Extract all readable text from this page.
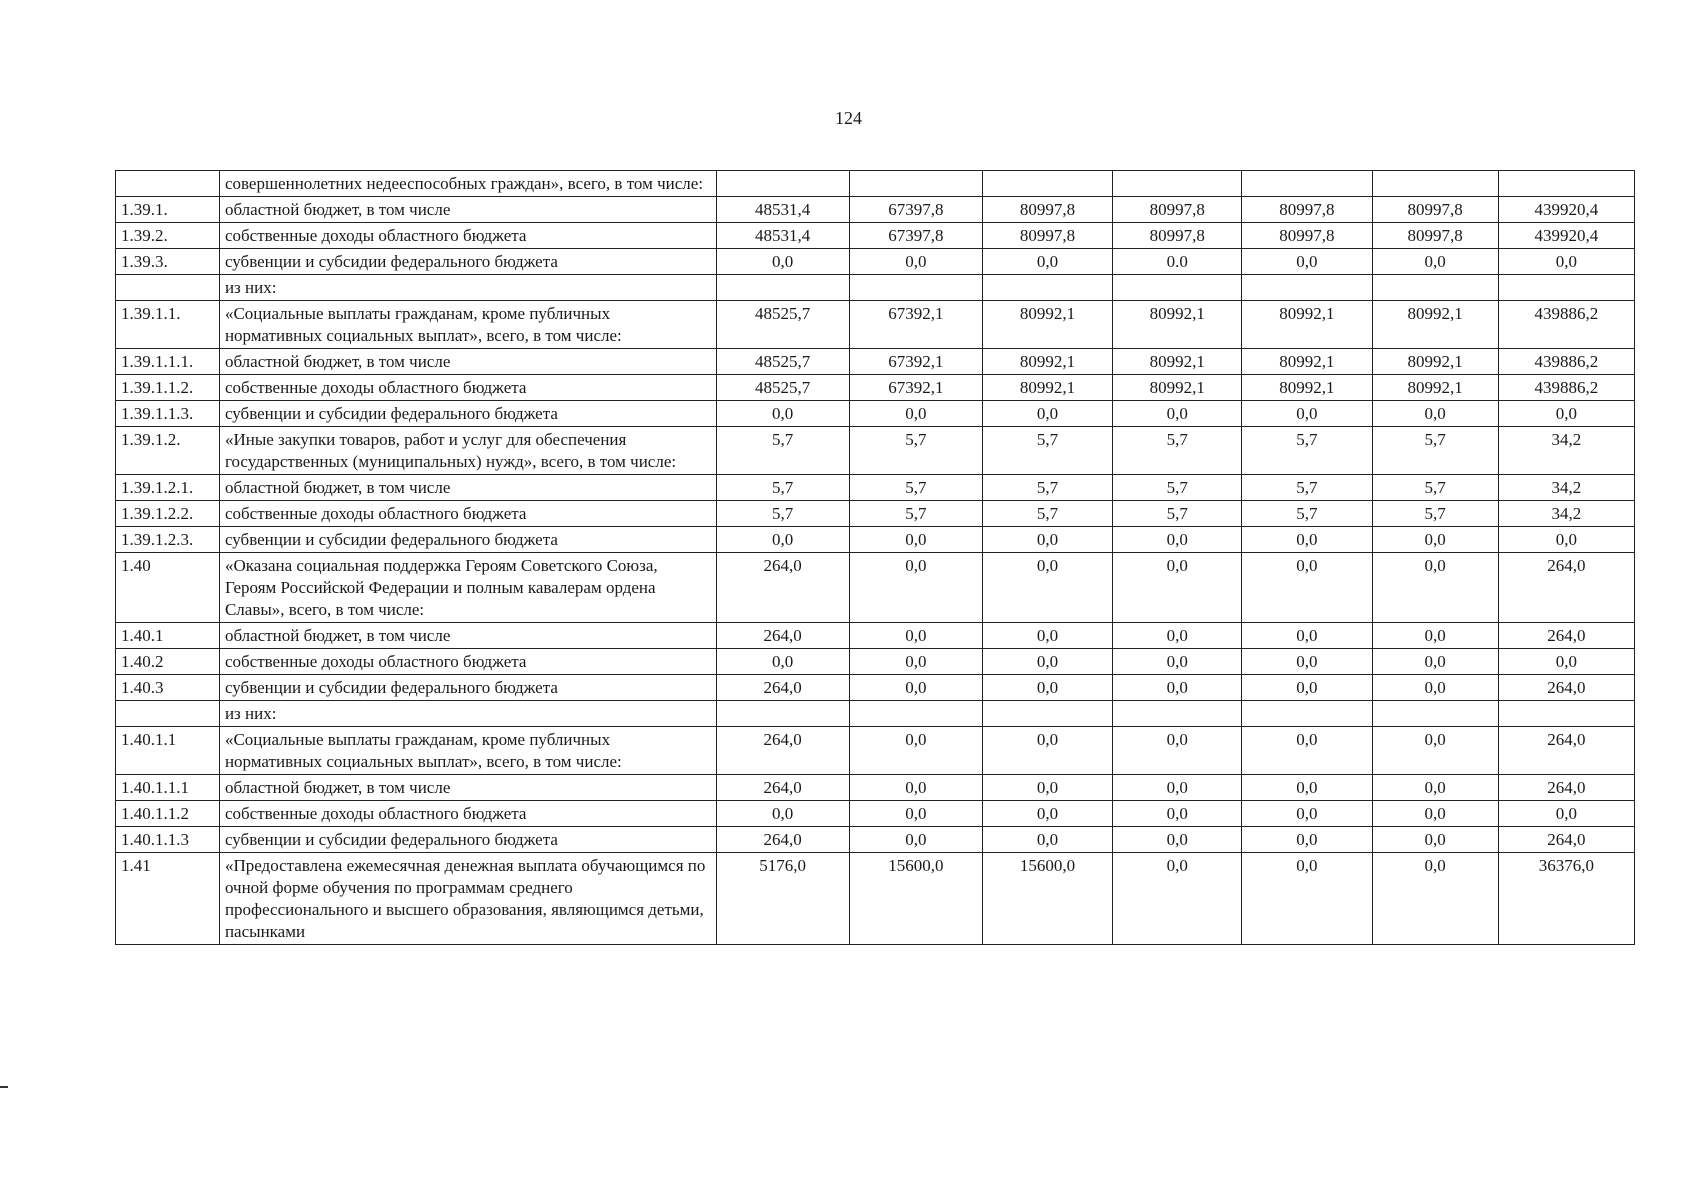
124
	совершеннолетних недееспособных граждан», всего, в том числе:							
1.39.1.	областной бюджет, в том числе	48531,4	67397,8	80997,8	80997,8	80997,8	80997,8	439920,4
1.39.2.	собственные доходы областного бюджета	48531,4	67397,8	80997,8	80997,8	80997,8	80997,8	439920,4
1.39.3.	субвенции и субсидии федерального бюджета	0,0	0,0	0,0	0.0	0,0	0,0	0,0
	из них:							
1.39.1.1.	«Социальные выплаты гражданам, кроме публичных нормативных социальных выплат», всего, в том числе:	48525,7	67392,1	80992,1	80992,1	80992,1	80992,1	439886,2
1.39.1.1.1.	областной бюджет, в том числе	48525,7	67392,1	80992,1	80992,1	80992,1	80992,1	439886,2
1.39.1.1.2.	собственные доходы областного бюджета	48525,7	67392,1	80992,1	80992,1	80992,1	80992,1	439886,2
1.39.1.1.3.	субвенции и субсидии федерального бюджета	0,0	0,0	0,0	0,0	0,0	0,0	0,0
1.39.1.2.	«Иные закупки товаров, работ и услуг для обеспечения государственных (муниципальных) нужд», всего, в том числе:	5,7	5,7	5,7	5,7	5,7	5,7	34,2
1.39.1.2.1.	областной бюджет, в том числе	5,7	5,7	5,7	5,7	5,7	5,7	34,2
1.39.1.2.2.	собственные доходы областного бюджета	5,7	5,7	5,7	5,7	5,7	5,7	34,2
1.39.1.2.3.	субвенции и субсидии федерального бюджета	0,0	0,0	0,0	0,0	0,0	0,0	0,0
1.40	«Оказана социальная поддержка Героям Советского Союза, Героям Российской Федерации и полным кавалерам ордена Славы», всего, в том числе:	264,0	0,0	0,0	0,0	0,0	0,0	264,0
1.40.1	областной бюджет, в том числе	264,0	0,0	0,0	0,0	0,0	0,0	264,0
1.40.2	собственные доходы областного бюджета	0,0	0,0	0,0	0,0	0,0	0,0	0,0
1.40.3	субвенции и субсидии федерального бюджета	264,0	0,0	0,0	0,0	0,0	0,0	264,0
	из них:							
1.40.1.1	«Социальные выплаты гражданам, кроме публичных нормативных социальных выплат», всего, в том числе:	264,0	0,0	0,0	0,0	0,0	0,0	264,0
1.40.1.1.1	областной бюджет, в том числе	264,0	0,0	0,0	0,0	0,0	0,0	264,0
1.40.1.1.2	собственные доходы областного бюджета	0,0	0,0	0,0	0,0	0,0	0,0	0,0
1.40.1.1.3	субвенции и субсидии федерального бюджета	264,0	0,0	0,0	0,0	0,0	0,0	264,0
1.41	«Предоставлена ежемесячная денежная выплата обучающимся по очной форме обучения по программам среднего профессионального и высшего образования, являющимся детьми, пасынками	5176,0	15600,0	15600,0	0,0	0,0	0,0	36376,0
